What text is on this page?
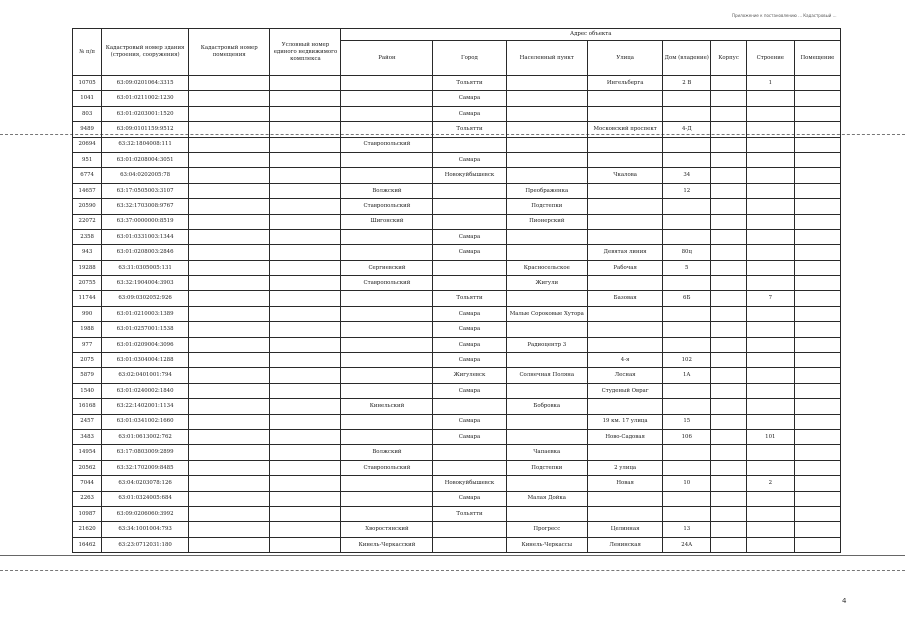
Приложение к постановлению ... Кадастровый ...
№ п/п	Кадастровый номер здания (строения, сооружения)	Кадастровый номер помещения	Условный номер единого недвижимого комплекса	Адрес объекта							
				Район	Город	Населенный пункт	Улица	Дом (владение)	Корпус	Строение	Помещение
10705	63:09:0201064:3315				Тольятти		Ингельберга	2 В		1	
1041	63:01:0211002:1230				Самара						
803	63:01:0203001:1520				Самара						
9489	63:09:0101159:9512				Тольятти		Московский проспект	4-Д			
20694	63:32:1804008:111			Ставропольский							
951	63:01:0208004:3051				Самара						
6774	63:04:0202005:78				Новокуйбышевск		Чкалова	34			
14657	63:17:0505003:3107			Волжский		Преображенка		12			
20590	63:32:1703008:9767			Ставропольский		Подстепки					
22072	63:37:0000000:8519			Шигонский		Пионерский					
2358	63:01:0331003:1344				Самара						
943	63:01:0208003:2846				Самара		Девятая линия	80ц			
19288	63:31:0305005:131			Сергиевский		Красносельское	Рабочая	5			
20755	63:32:1904004:3903			Ставропольский		Жигули					
11744	63:09:0302052:926				Тольятти		Базовая	6Б		7	
990	63:01:0210003:1389				Самара	Малые Сороковые Хутора					
1988	63:01:0257001:1538				Самара						
977	63:01:0209004:3096				Самара	Радиоцентр 3					
2075	63:01:0304004:1288				Самара		4-я	102			
5879	63:02:0401001:794				Жигулевск	Солнечная Поляна	Лесная	1А			
1540	63:01:0240002:1840				Самара		Студеный Овраг				
16168	63:22:1402001:1134			Кинельский		Бобровка					
2457	63:01:0341002:1660				Самара		19 км. 17 улица	15			
3483	63:01:0613002:762				Самара		Ново-Садовая	106		101	
14954	63:17:0803009:2899			Волжский		Чапаевка					
20562	63:32:1702009:8485			Ставропольский		Подстепки	2 улица				
7044	63:04:0203078:126				Новокуйбышевск		Новая	10		2	
2263	63:01:0324005:684				Самара	Малая Дойка					
10987	63:09:0206060:3992				Тольятти						
21620	63:34:1001004:793			Хворостянский		Прогресс	Целинная	13			
16462	63:23:0712031:180			Кинель-Черкасский		Кинель-Черкассы	Ленинская	24А			
4
